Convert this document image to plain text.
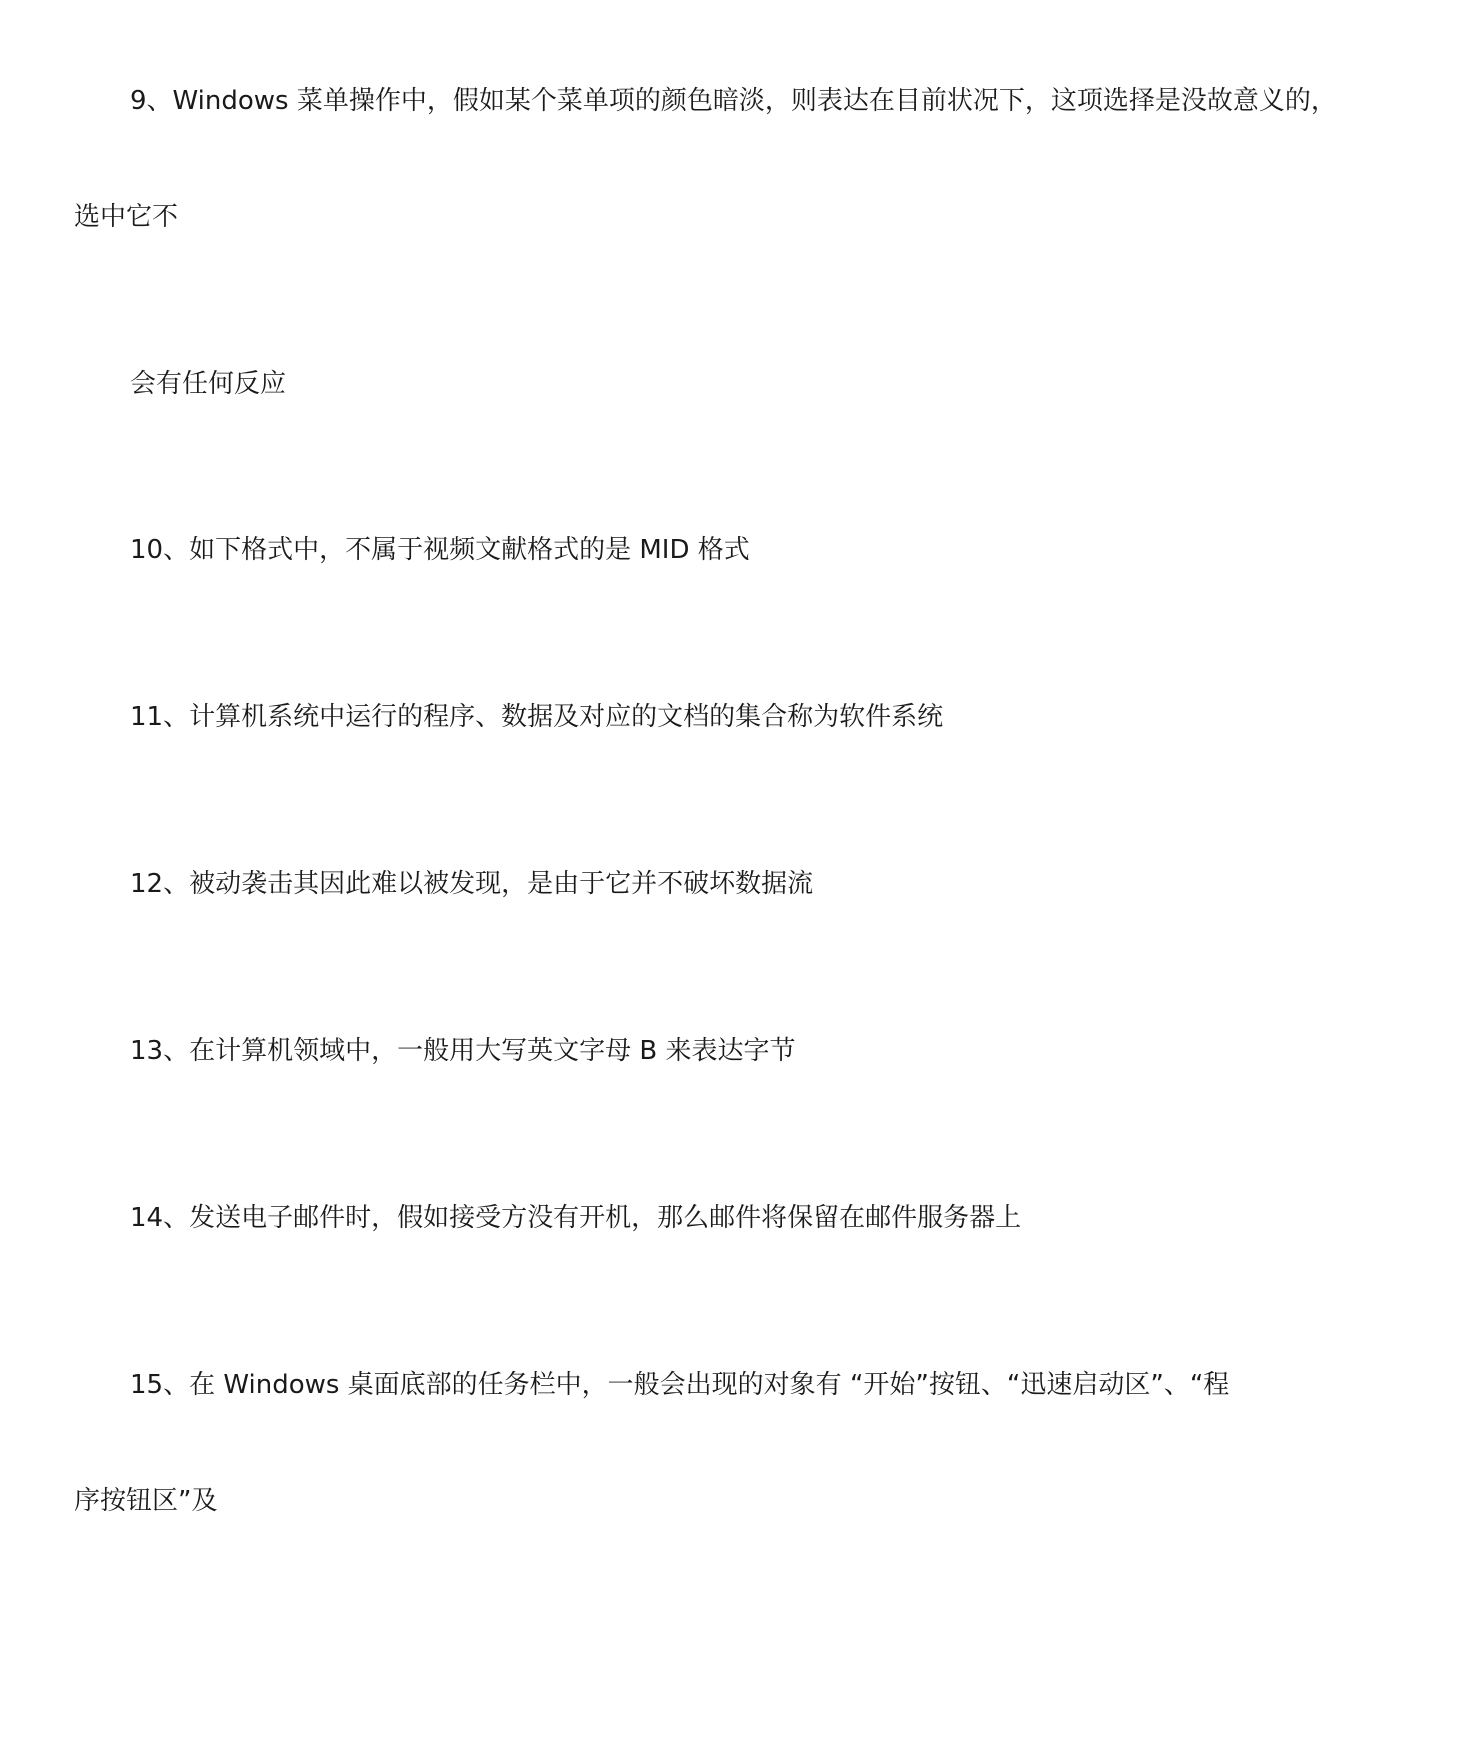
9、Windows 菜单操作中，假如某个菜单项的颜色暗淡，则表达在目前状况下，这项选择是没故意义的，
选中它不
会有任何反应
10、如下格式中，不属于视频文献格式的是 MID 格式
11、计算机系统中运行的程序、数据及对应的文档的集合称为软件系统
12、被动袭击其因此难以被发现，是由于它并不破坏数据流
13、在计算机领域中，一般用大写英文字母 B 来表达字节
14、发送电子邮件时，假如接受方没有开机，那么邮件将保留在邮件服务器上
15、在 Windows 桌面底部的任务栏中，一般会出现的对象有 “开始”按钮、“迅速启动区”、“程
序按钮区”及
